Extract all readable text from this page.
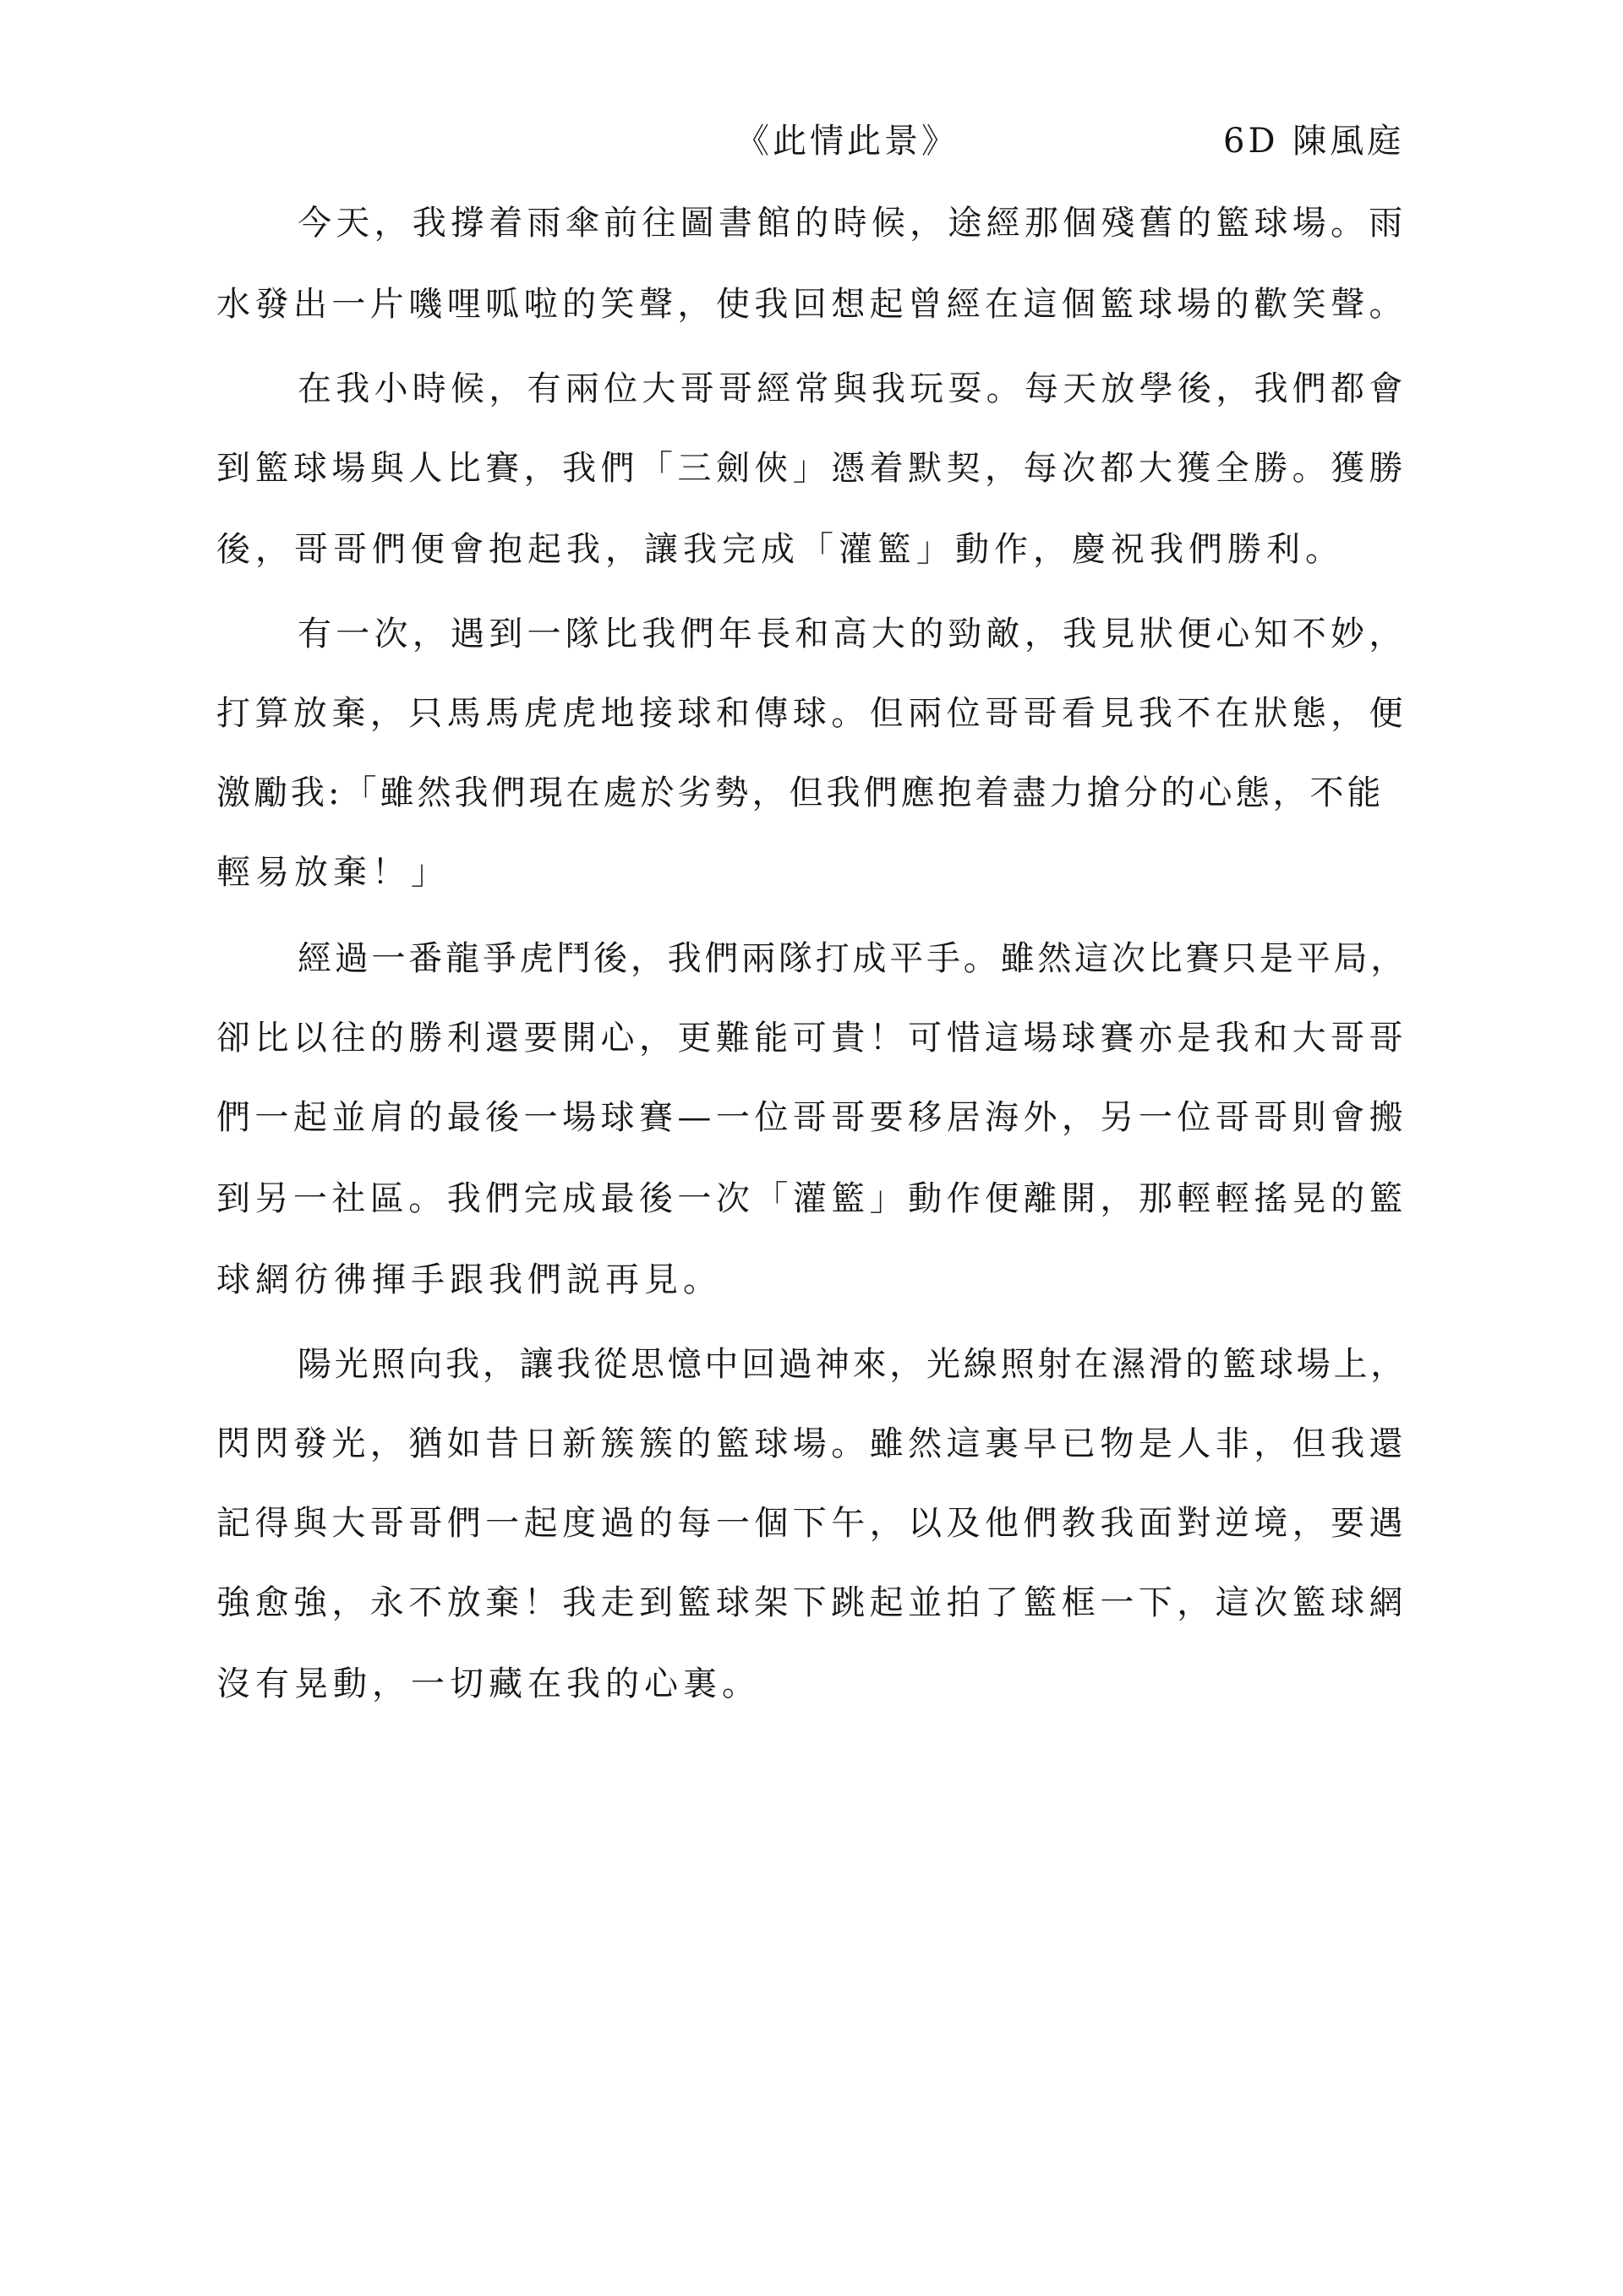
《此情此景》	6D 陳風庭
今天，我撐着雨傘前往圖書館的時候，途經那個殘舊的籃球場。雨
水發出一片嘰哩呱啦的笑聲，使我回想起曾經在這個籃球場的歡笑聲。
在我小時候，有兩位大哥哥經常與我玩耍。每天放學後，我們都會
到籃球場與人比賽，我們「三劍俠」憑着默契，每次都大獲全勝。獲勝
後，哥哥們便會抱起我，讓我完成「灌籃」動作，慶祝我們勝利。
有一次，遇到一隊比我們年長和高大的勁敵，我見狀便心知不妙，
打算放棄，只馬馬虎虎地接球和傳球。但兩位哥哥看見我不在狀態，便
激勵我:「雖然我們現在處於劣勢，但我們應抱着盡力搶分的心態，不能
輕易放棄！」
經過一番龍爭虎鬥後，我們兩隊打成平手。雖然這次比賽只是平局，
卻比以往的勝利還要開心，更難能可貴！可惜這場球賽亦是我和大哥哥
們一起並肩的最後一場球賽—一位哥哥要移居海外，另一位哥哥則會搬
到另一社區。我們完成最後一次「灌籃」動作便離開，那輕輕搖晃的籃
球網彷彿揮手跟我們説再見。
陽光照向我，讓我從思憶中回過神來，光線照射在濕滑的籃球場上，
閃閃發光，猶如昔日新簇簇的籃球場。雖然這裏早已物是人非，但我還
記得與大哥哥們一起度過的每一個下午，以及他們教我面對逆境，要遇
強愈強，永不放棄！我走到籃球架下跳起並拍了籃框一下，這次籃球網
沒有晃動，一切藏在我的心裏。
